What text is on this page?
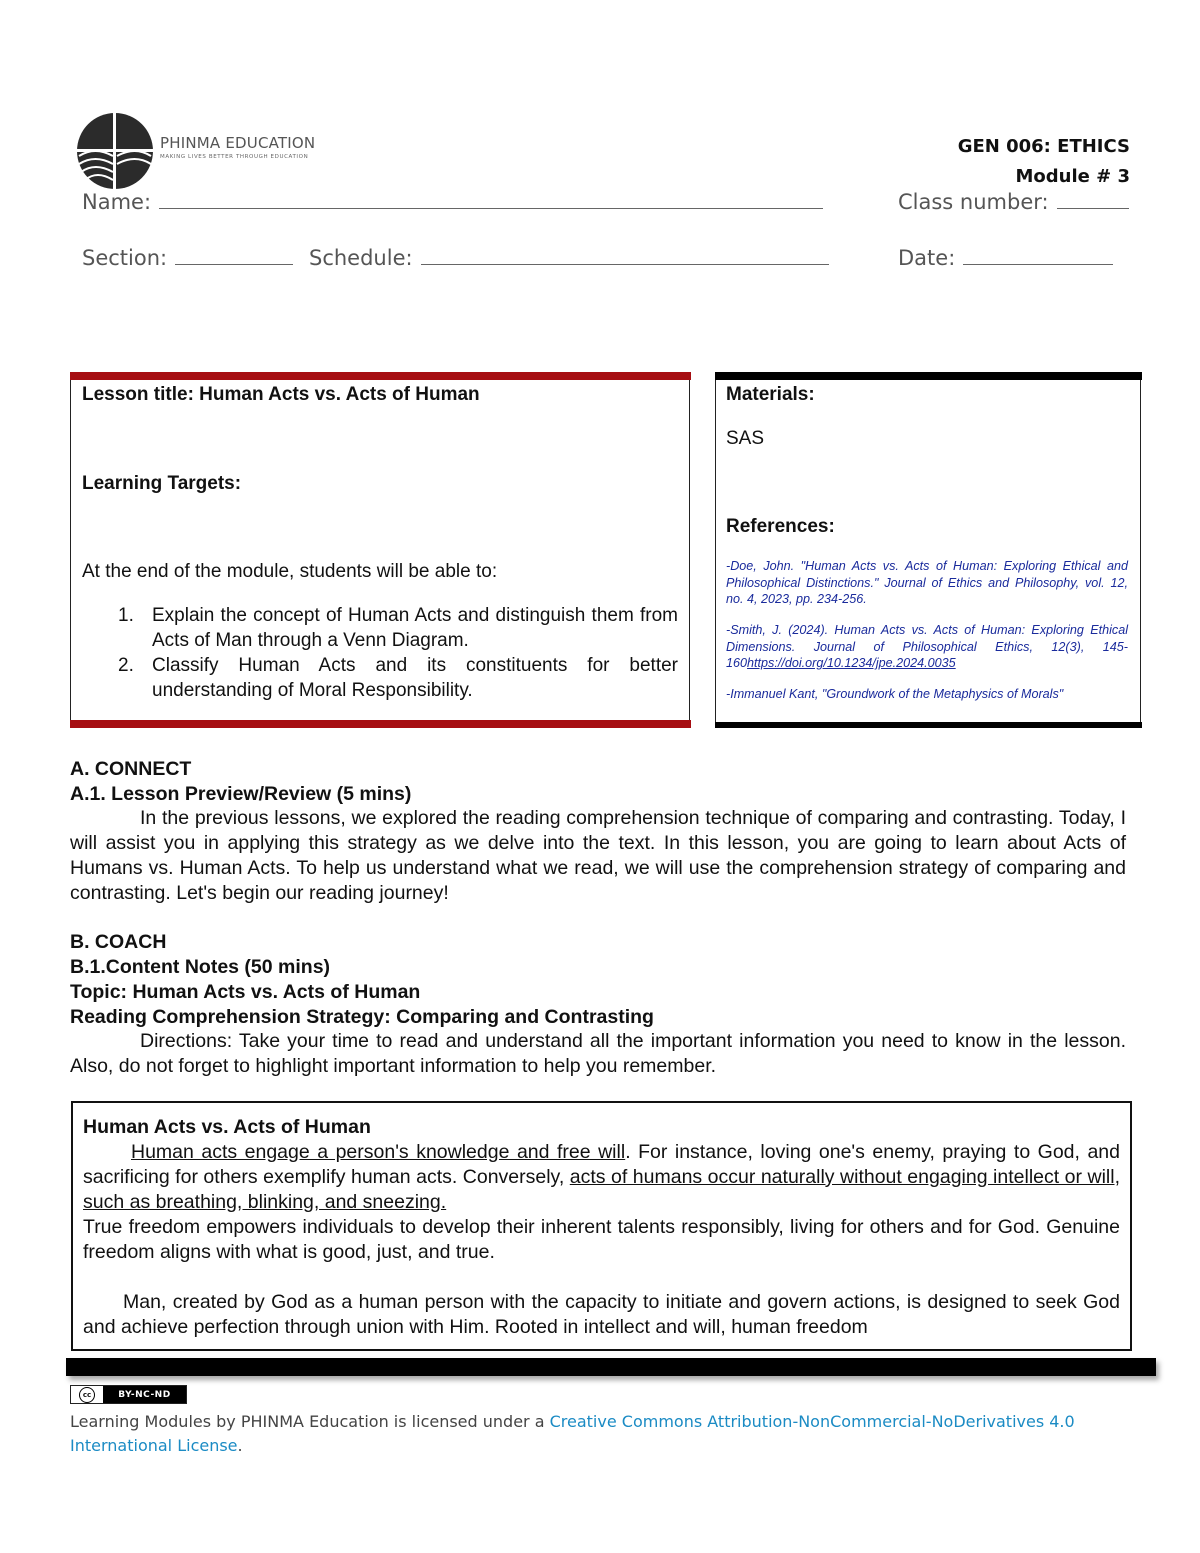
PHINMA EDUCATION
MAKING LIVES BETTER THROUGH EDUCATION	GEN 006: ETHICS
Module # 3
Name:	Class number:
Section:	Schedule:	Date:
Lesson title: Human Acts vs. Acts of Human
Learning Targets:
At the end of the module, students will be able to:
1. Explain the concept of Human Acts and distinguish them from Acts of Man through a Venn Diagram.
2. Classify Human Acts and its constituents for better understanding of Moral Responsibility.
Materials:
SAS
References:
-Doe, John. "Human Acts vs. Acts of Human: Exploring Ethical and Philosophical Distinctions." Journal of Ethics and Philosophy, vol. 12, no. 4, 2023, pp. 234-256.
-Smith, J. (2024). Human Acts vs. Acts of Human: Exploring Ethical Dimensions. Journal of Philosophical Ethics, 12(3), 145-160https://doi.org/10.1234/jpe.2024.0035
-Immanuel Kant, "Groundwork of the Metaphysics of Morals"
A. CONNECT
A.1. Lesson Preview/Review (5 mins)

In the previous lessons, we explored the reading comprehension technique of comparing and contrasting. Today, I will assist you in applying this strategy as we delve into the text. In this lesson, you are going to learn about Acts of Humans vs. Human Acts. To help us understand what we read, we will use the comprehension strategy of comparing and contrasting. Let's begin our reading journey!

B. COACH
B.1.Content Notes (50 mins)
Topic: Human Acts vs. Acts of Human
Reading Comprehension Strategy: Comparing and Contrasting

Directions: Take your time to read and understand all the important information you need to know in the lesson. Also, do not forget to highlight important information to help you remember.

Human Acts vs. Acts of Human

Human acts engage a person's knowledge and free will. For instance, loving one's enemy, praying to God, and sacrificing for others exemplify human acts. Conversely, acts of humans occur naturally without engaging intellect or will, such as breathing, blinking, and sneezing.

True freedom empowers individuals to develop their inherent talents responsibly, living for others and for God. Genuine freedom aligns with what is good, just, and true.

Man, created by God as a human person with the capacity to initiate and govern actions, is designed to seek God and achieve perfection through union with Him. Rooted in intellect and will, human freedom

cc	BY-NC-ND
Learning Modules by PHINMA Education is licensed under a Creative Commons Attribution-NonCommercial-NoDerivatives 4.0 International License.
